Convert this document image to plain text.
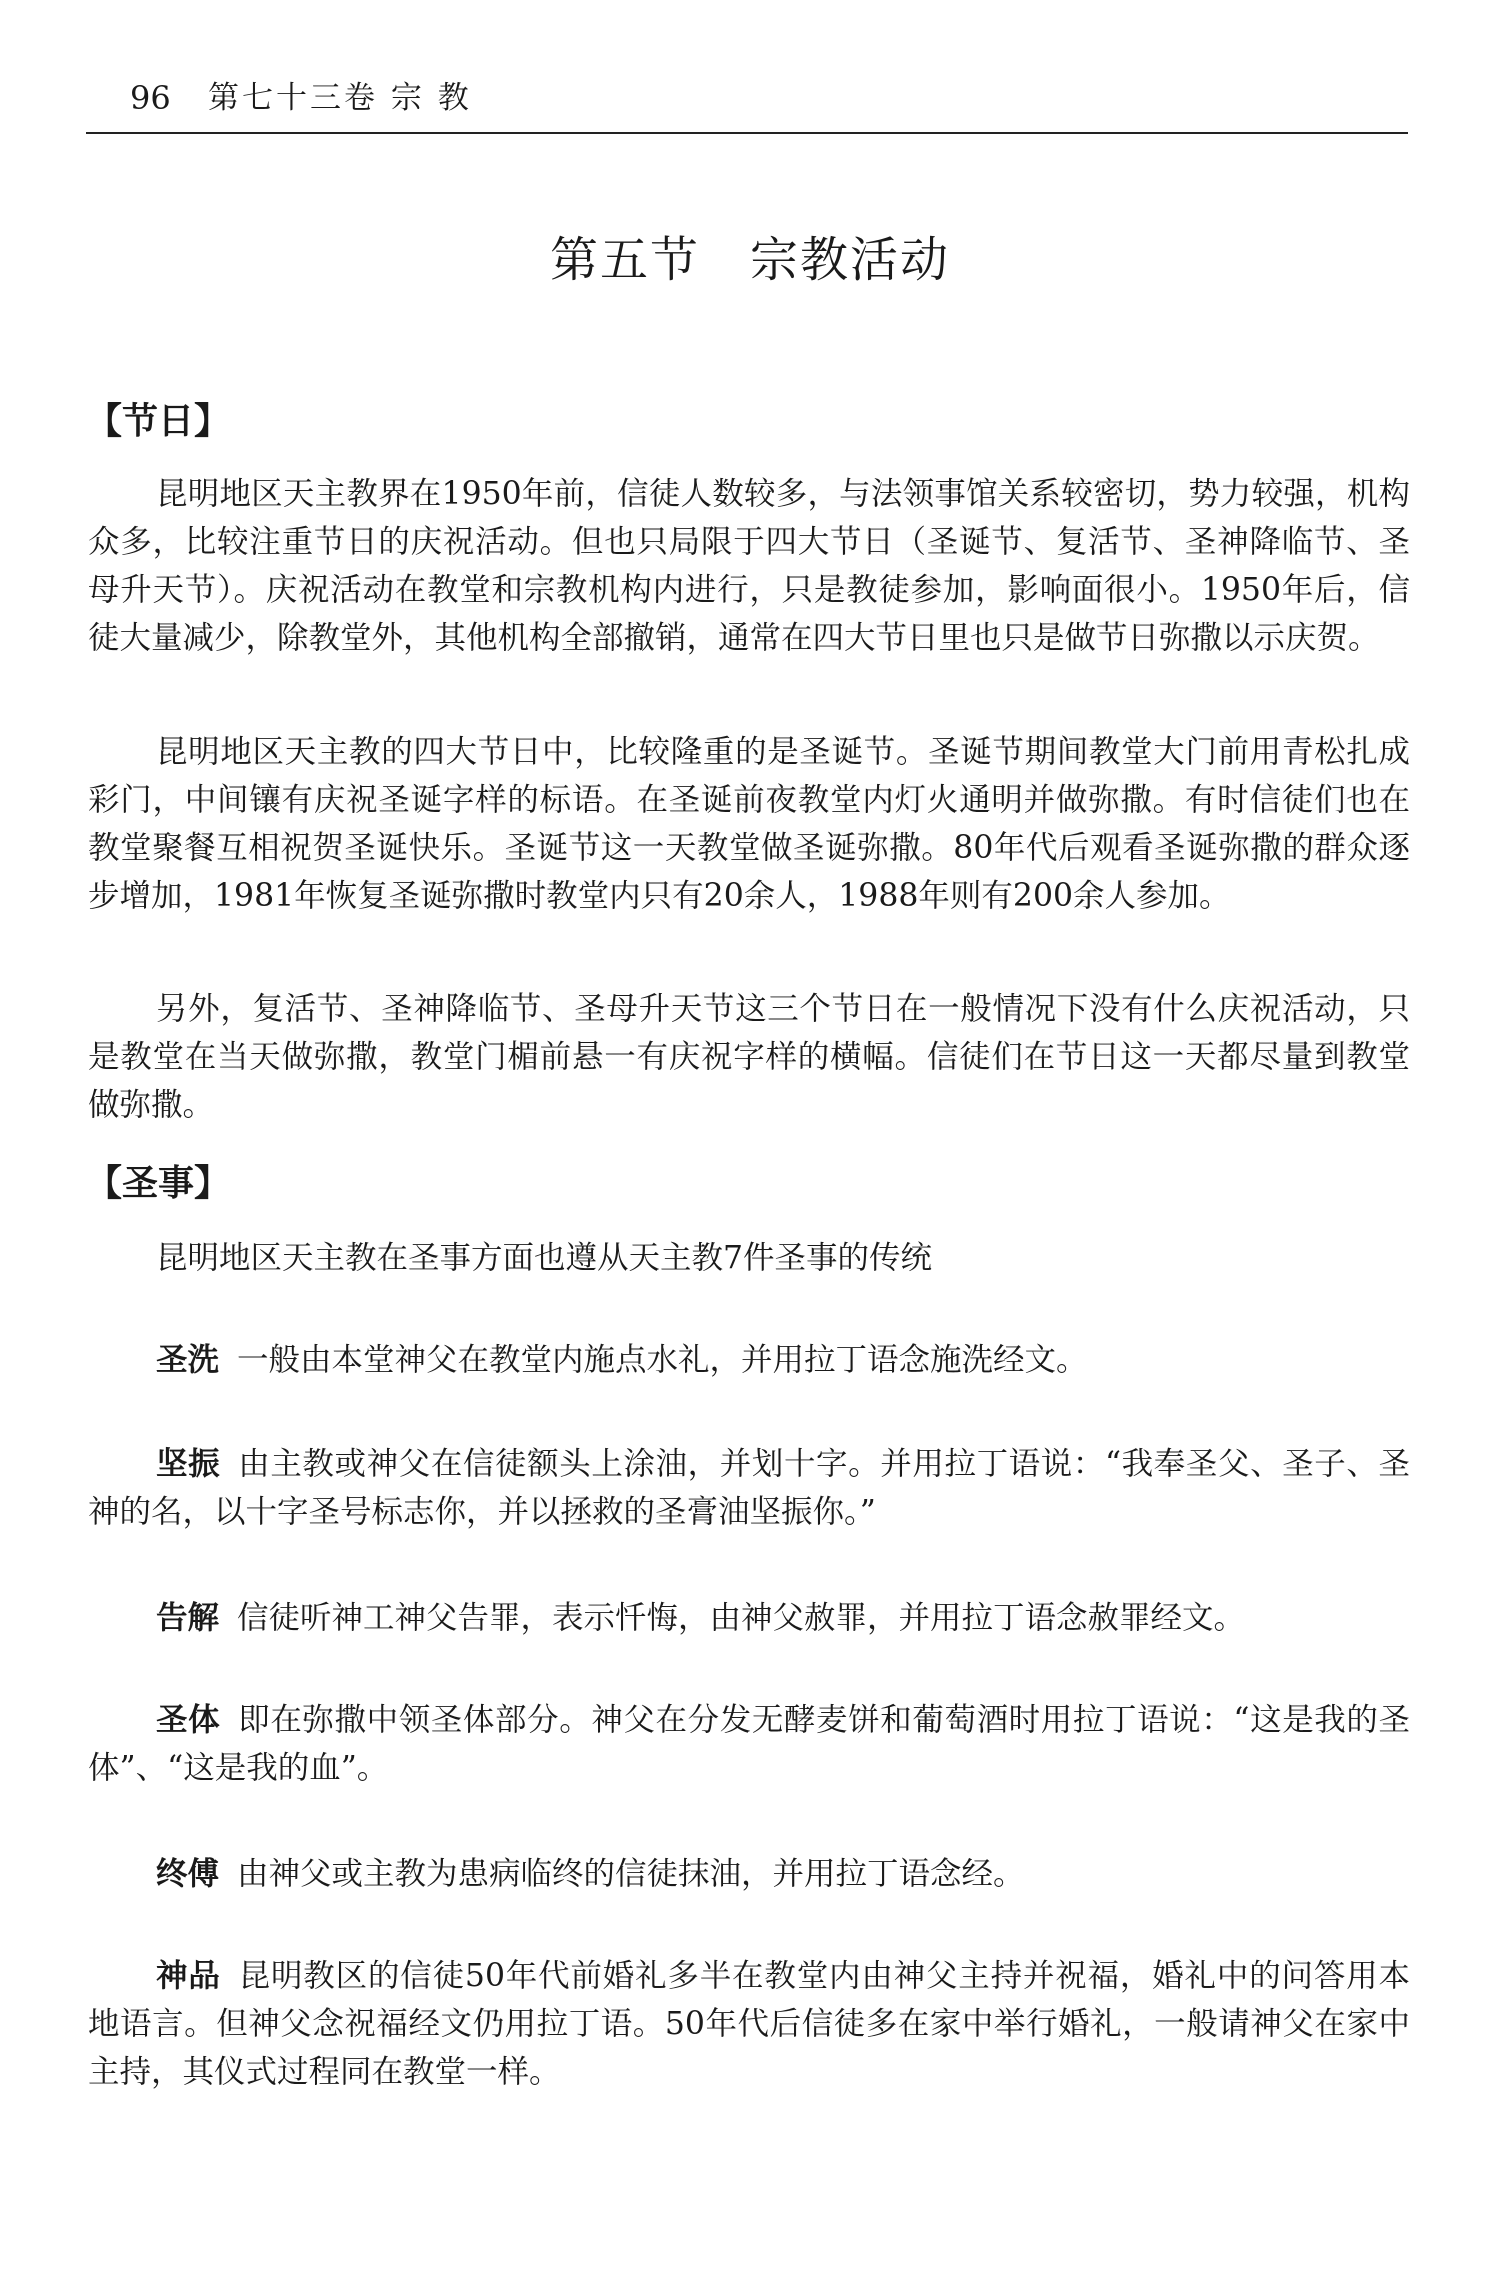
96 第七十三卷 宗 教
第五节　宗教活动
【节日】

昆明地区天主教界在1950年前，信徒人数较多，与法领事馆关系较密切，势力较强，机构众多，比较注重节日的庆祝活动。但也只局限于四大节日（圣诞节、复活节、圣神降临节、圣母升天节）。庆祝活动在教堂和宗教机构内进行，只是教徒参加，影响面很小。1950年后，信徒大量减少，除教堂外，其他机构全部撤销，通常在四大节日里也只是做节日弥撒以示庆贺。

昆明地区天主教的四大节日中，比较隆重的是圣诞节。圣诞节期间教堂大门前用青松扎成彩门，中间镶有庆祝圣诞字样的标语。在圣诞前夜教堂内灯火通明并做弥撒。有时信徒们也在教堂聚餐互相祝贺圣诞快乐。圣诞节这一天教堂做圣诞弥撒。80年代后观看圣诞弥撒的群众逐步增加，1981年恢复圣诞弥撒时教堂内只有20余人，1988年则有200余人参加。

另外，复活节、圣神降临节、圣母升天节这三个节日在一般情况下没有什么庆祝活动，只是教堂在当天做弥撒，教堂门楣前悬一有庆祝字样的横幅。信徒们在节日这一天都尽量到教堂做弥撒。

【圣事】

昆明地区天主教在圣事方面也遵从天主教7件圣事的传统

圣洗 一般由本堂神父在教堂内施点水礼，并用拉丁语念施洗经文。

坚振 由主教或神父在信徒额头上涂油，并划十字。并用拉丁语说：“我奉圣父、圣子、圣神的名，以十字圣号标志你，并以拯救的圣膏油坚振你。”

告解 信徒听神工神父告罪，表示忏悔，由神父赦罪，并用拉丁语念赦罪经文。

圣体 即在弥撒中领圣体部分。神父在分发无酵麦饼和葡萄酒时用拉丁语说：“这是我的圣体”、“这是我的血”。

终傅 由神父或主教为患病临终的信徒抹油，并用拉丁语念经。

神品 昆明教区的信徒50年代前婚礼多半在教堂内由神父主持并祝福，婚礼中的问答用本地语言。但神父念祝福经文仍用拉丁语。50年代后信徒多在家中举行婚礼，一般请神父在家中主持，其仪式过程同在教堂一样。
